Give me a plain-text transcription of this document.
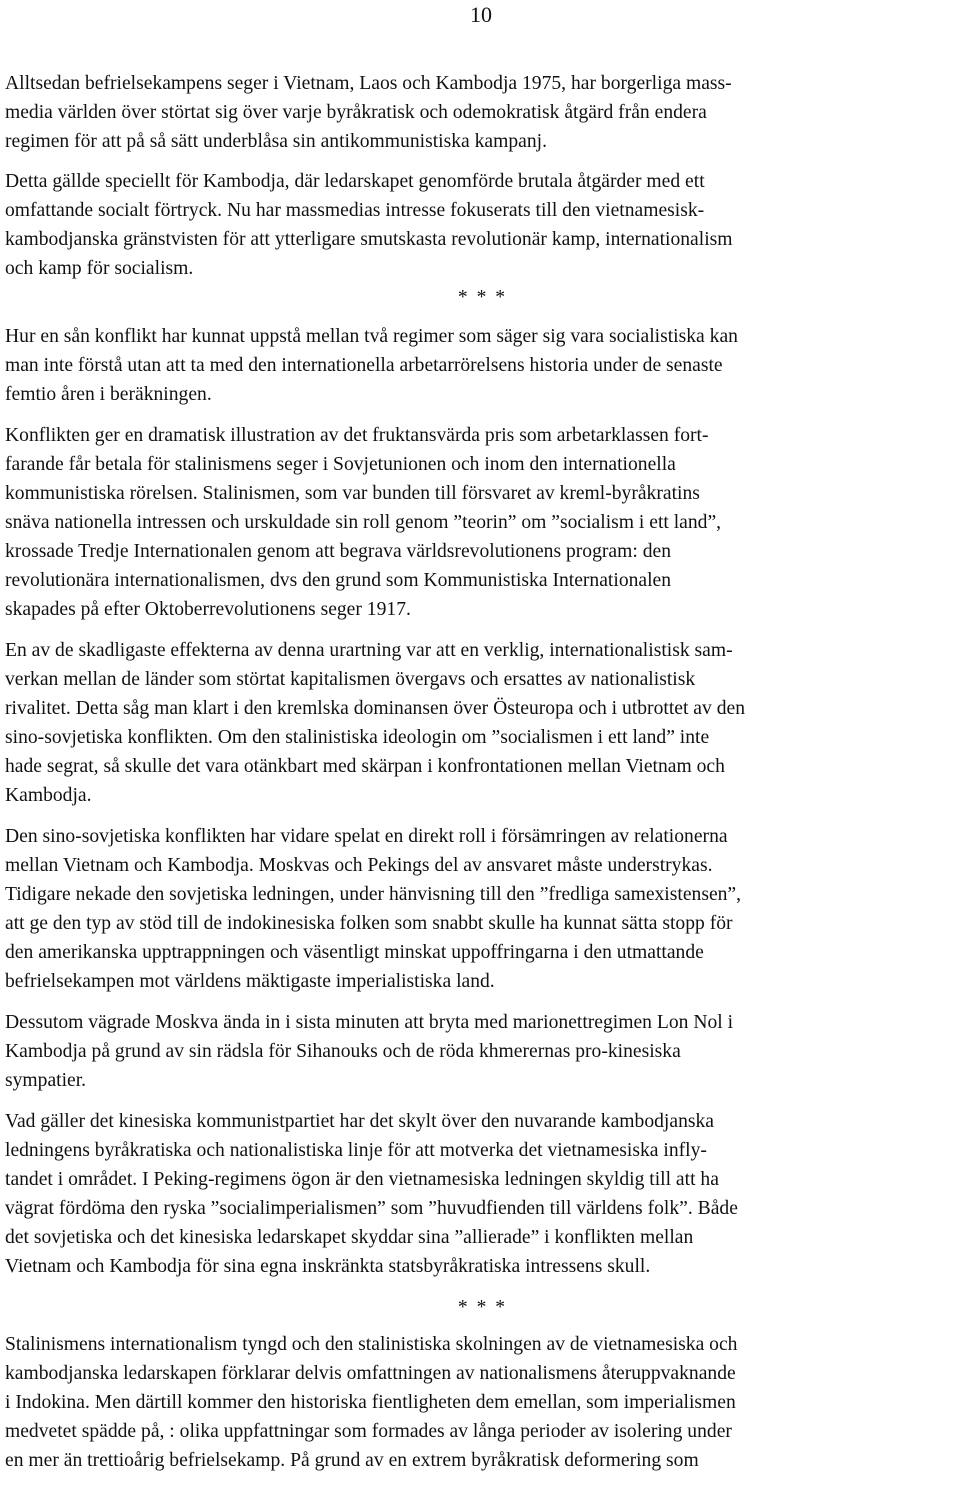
10

Alltsedan befrielsekampens seger i Vietnam, Laos och Kambodja 1975, har borgerliga mass-
media världen över störtat sig över varje byråkratisk och odemokratisk åtgärd från endera
regimen för att på så sätt underblåsa sin antikommunistiska kampanj.

Detta gällde speciellt för Kambodja, där ledarskapet genomförde brutala åtgärder med ett
omfattande socialt förtryck. Nu har massmedias intresse fokuserats till den vietnamesisk-
kambodjanska gränstvisten för att ytterligare smutskasta revolutionär kamp, internationalism
och kamp för socialism.

* * *

Hur en sån konflikt har kunnat uppstå mellan två regimer som säger sig vara socialistiska kan
man inte förstå utan att ta med den internationella arbetarrörelsens historia under de senaste
femtio åren i beräkningen.

Konflikten ger en dramatisk illustration av det fruktansvärda pris som arbetarklassen fort-
farande får betala för stalinismens seger i Sovjetunionen och inom den internationella
kommunistiska rörelsen. Stalinismen, som var bunden till försvaret av kreml-byråkratins
snäva nationella intressen och urskuldade sin roll genom ”teorin” om ”socialism i ett land”,
krossade Tredje Internationalen genom att begrava världsrevolutionens program: den
revolutionära internationalismen, dvs den grund som Kommunistiska Internationalen
skapades på efter Oktoberrevolutionens seger 1917.

En av de skadligaste effekterna av denna urartning var att en verklig, internationalistisk sam-
verkan mellan de länder som störtat kapitalismen övergavs och ersattes av nationalistisk
rivalitet. Detta såg man klart i den kremlska dominansen över Östeuropa och i utbrottet av den
sino-sovjetiska konflikten. Om den stalinistiska ideologin om ”socialismen i ett land” inte
hade segrat, så skulle det vara otänkbart med skärpan i konfrontationen mellan Vietnam och
Kambodja.

Den sino-sovjetiska konflikten har vidare spelat en direkt roll i försämringen av relationerna
mellan Vietnam och Kambodja. Moskvas och Pekings del av ansvaret måste understrykas.
Tidigare nekade den sovjetiska ledningen, under hänvisning till den ”fredliga samexistensen”,
att ge den typ av stöd till de indokinesiska folken som snabbt skulle ha kunnat sätta stopp för
den amerikanska upptrappningen och väsentligt minskat uppoffringarna i den utmattande
befrielsekampen mot världens mäktigaste imperialistiska land.

Dessutom vägrade Moskva ända in i sista minuten att bryta med marionettregimen Lon Nol i
Kambodja på grund av sin rädsla för Sihanouks och de röda khmerernas pro-kinesiska
sympatier.

Vad gäller det kinesiska kommunistpartiet har det skylt över den nuvarande kambodjanska
ledningens byråkratiska och nationalistiska linje för att motverka det vietnamesiska infly-
tandet i området. I Peking-regimens ögon är den vietnamesiska ledningen skyldig till att ha
vägrat fördöma den ryska ”socialimperialismen” som ”huvudfienden till världens folk”. Både
det sovjetiska och det kinesiska ledarskapet skyddar sina ”allierade” i konflikten mellan
Vietnam och Kambodja för sina egna inskränkta statsbyråkratiska intressens skull.

* * *

Stalinismens internationalism tyngd och den stalinistiska skolningen av de vietnamesiska och
kambodjanska ledarskapen förklarar delvis omfattningen av nationalismens återuppvaknande
i Indokina. Men därtill kommer den historiska fientligheten dem emellan, som imperialismen
medvetet spädde på, : olika uppfattningar som formades av långa perioder av isolering under
en mer än trettioårig befrielsekamp. På grund av en extrem byråkratisk deformering som
